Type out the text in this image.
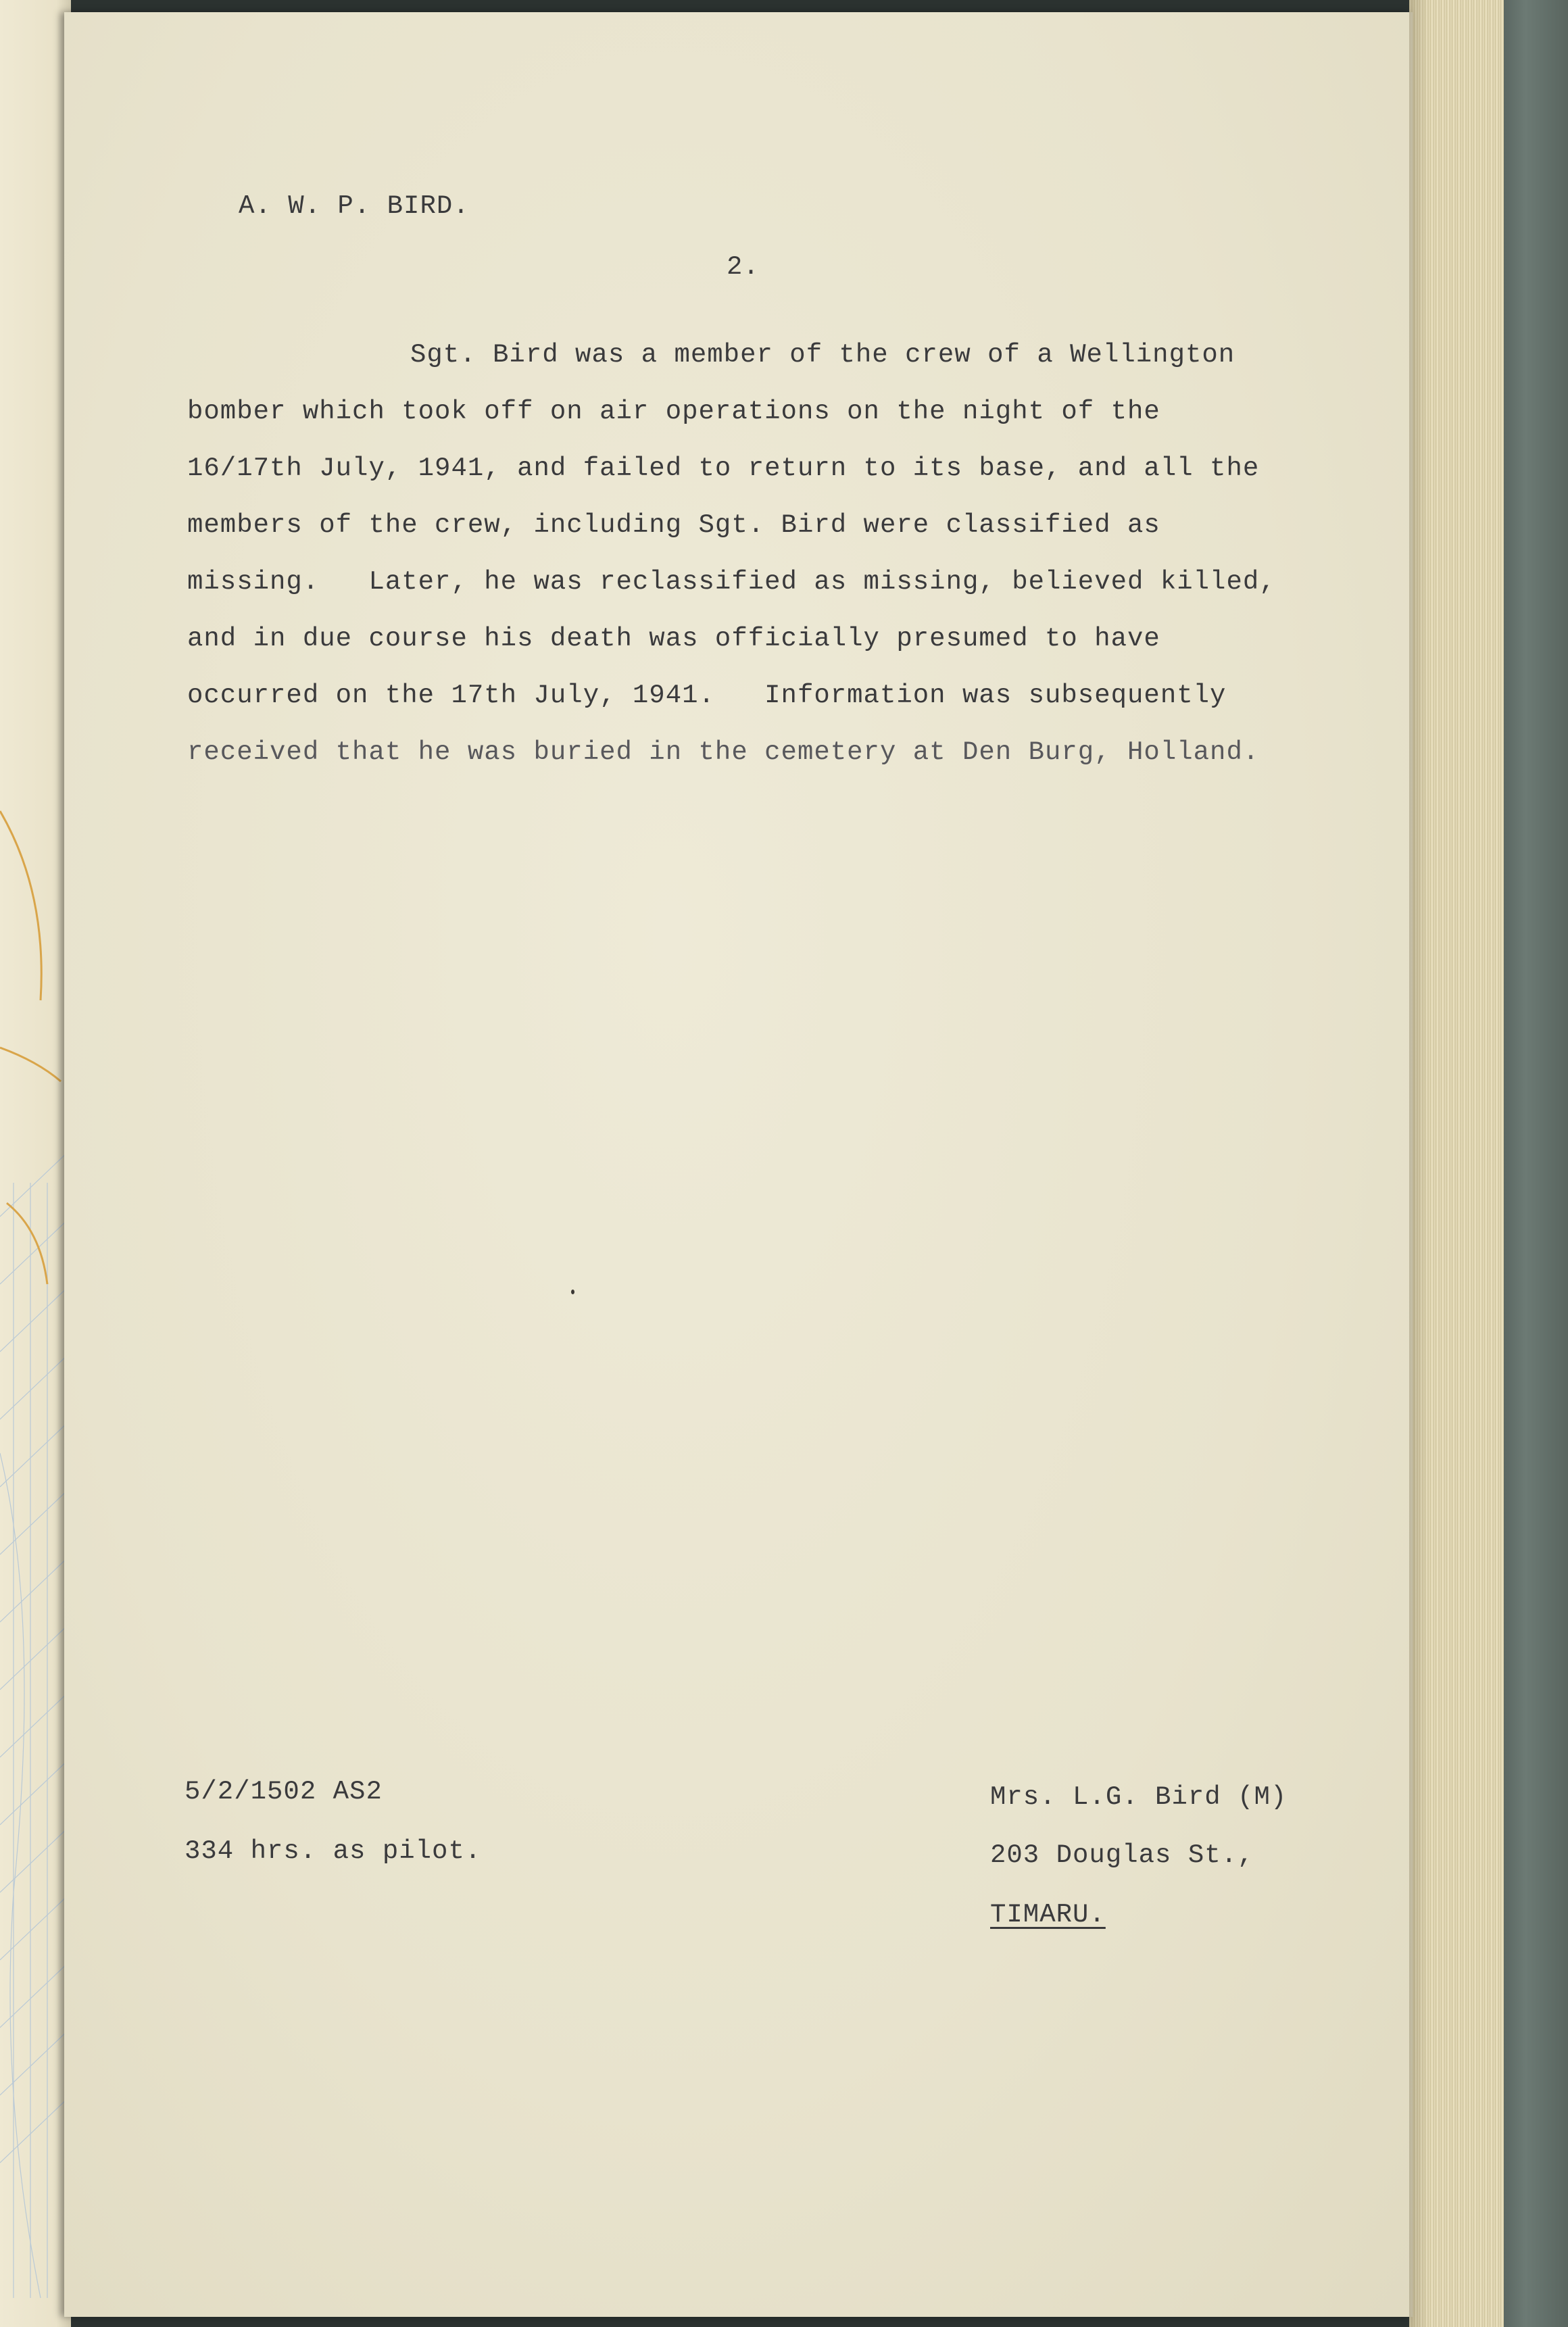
A. W. P. BIRD.
2.
Sgt. Bird was a member of the crew of a Wellington
bomber which took off on air operations on the night of the
16/17th July, 1941, and failed to return to its base, and all the
members of the crew, including Sgt. Bird were classified as
missing.   Later, he was reclassified as missing, believed killed,
and in due course his death was officially presumed to have
occurred on the 17th July, 1941.   Information was subsequently
received that he was buried in the cemetery at Den Burg, Holland.
5/2/1502 AS2
334 hrs. as pilot.
Mrs. L.G. Bird (M)
203 Douglas St.,
TIMARU.
